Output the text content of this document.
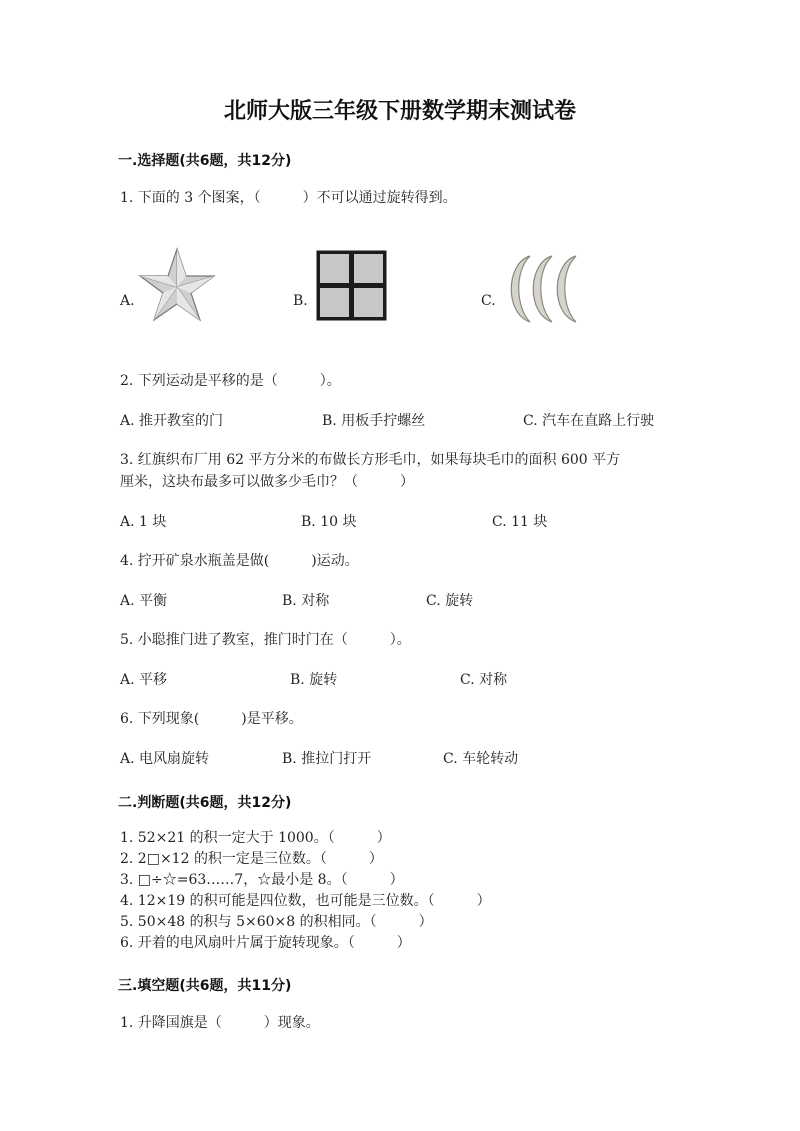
北师大版三年级下册数学期末测试卷
一.选择题(共6题，共12分)
1. 下面的 3 个图案，（　　　）不可以通过旋转得到。
A.	B.	C.
2. 下列运动是平移的是（　　　）。
A. 推开教室的门	B. 用板手拧螺丝	C. 汽车在直路上行驶
3. 红旗织布厂用 62 平方分米的布做长方形毛巾，如果每块毛巾的面积 600 平方
厘米，这块布最多可以做多少毛巾？（　　　）
A. 1 块	B. 10 块	C. 11 块
4. 拧开矿泉水瓶盖是做(　　　)运动。
A. 平衡	B. 对称	C. 旋转
5. 小聪推门进了教室，推门时门在（　　　）。
A. 平移	B. 旋转	C. 对称
6. 下列现象(　　　)是平移。
A. 电风扇旋转	B. 推拉门打开	C. 车轮转动
二.判断题(共6题，共12分)
1. 52×21 的积一定大于 1000。（　　　）
2. 2□×12 的积一定是三位数。（　　　）
3. □÷☆=63……7，☆最小是 8。（　　　）
4. 12×19 的积可能是四位数，也可能是三位数。（　　　）
5. 50×48 的积与 5×60×8 的积相同。（　　　）
6. 开着的电风扇叶片属于旋转现象。（　　　）
三.填空题(共6题，共11分)
1. 升降国旗是（　　　）现象。
